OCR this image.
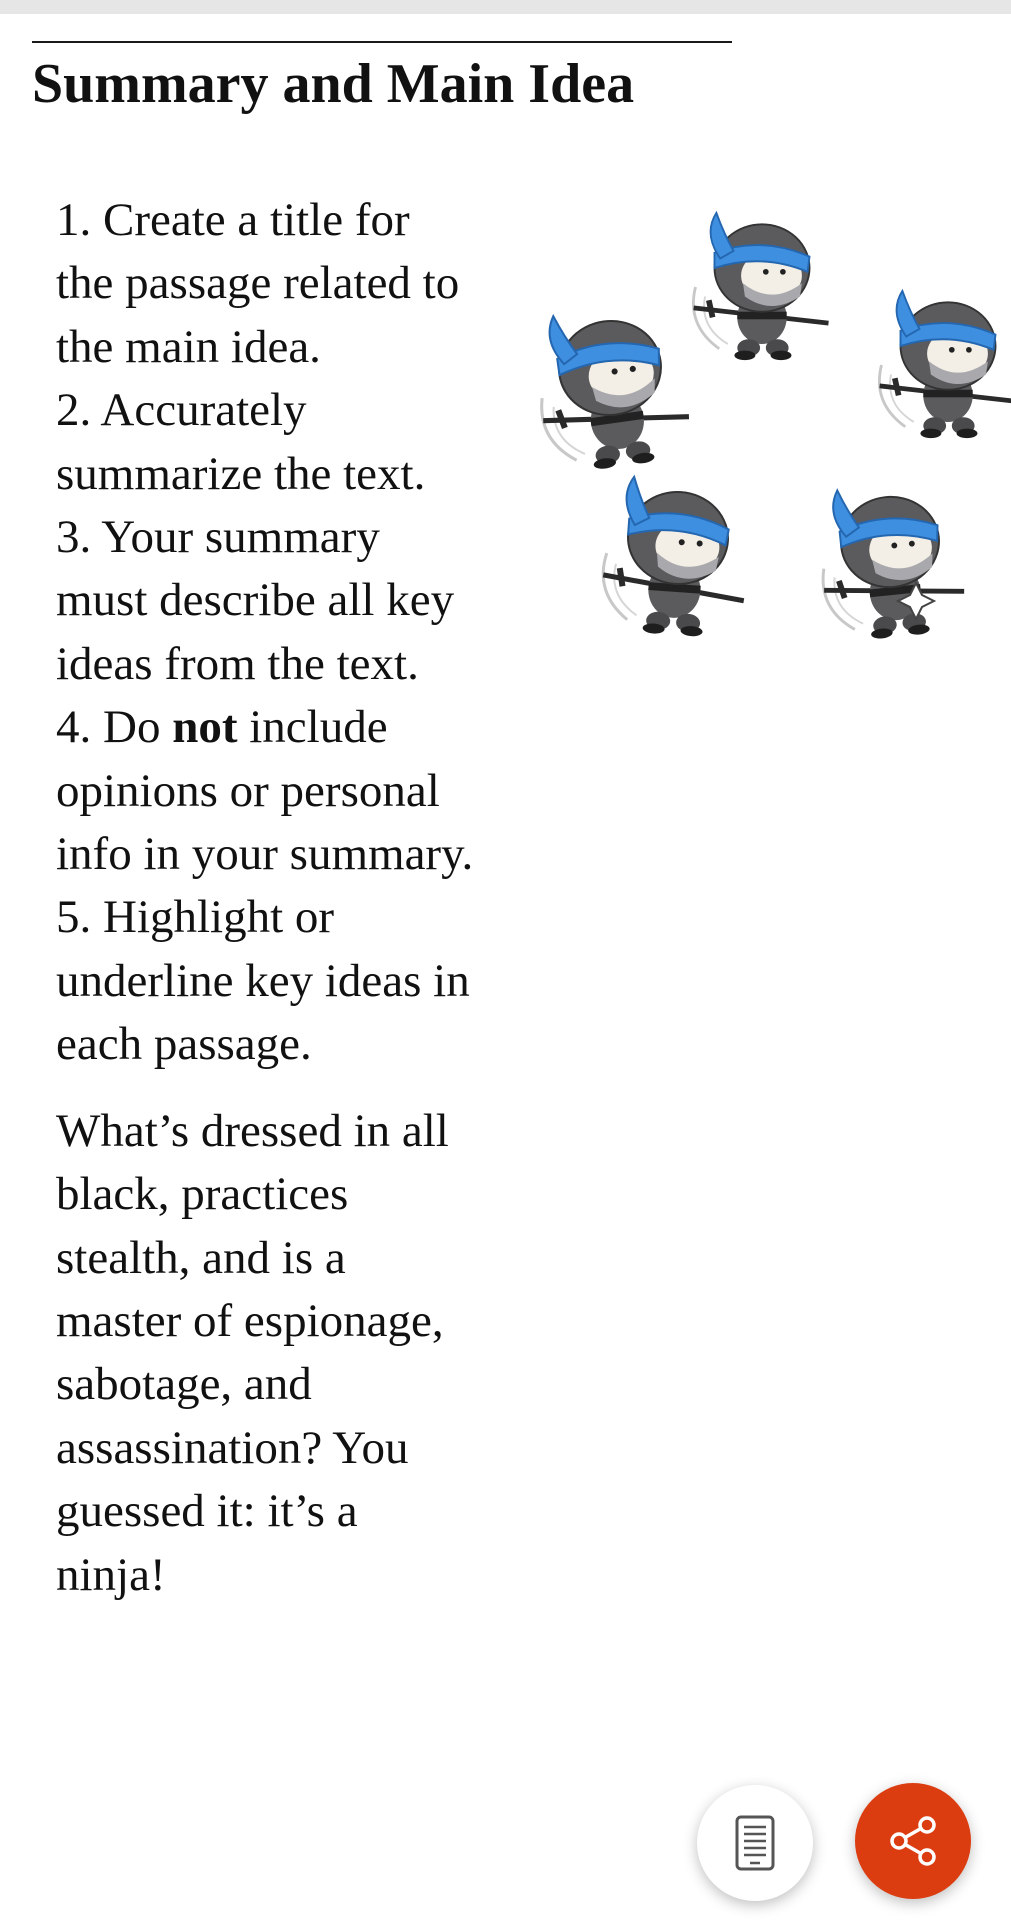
Summary and Main Idea

1. Create a title for the passage related to the main idea.

2. Accurately summarize the text.

3. Your summary must describe all key ideas from the text.

4. Do not include opinions or personal info in your summary.

5. Highlight or underline key ideas in each passage.

What’s dressed in all black, practices stealth, and is a master of espionage, sabotage, and assassination? You guessed it: it’s a ninja!
